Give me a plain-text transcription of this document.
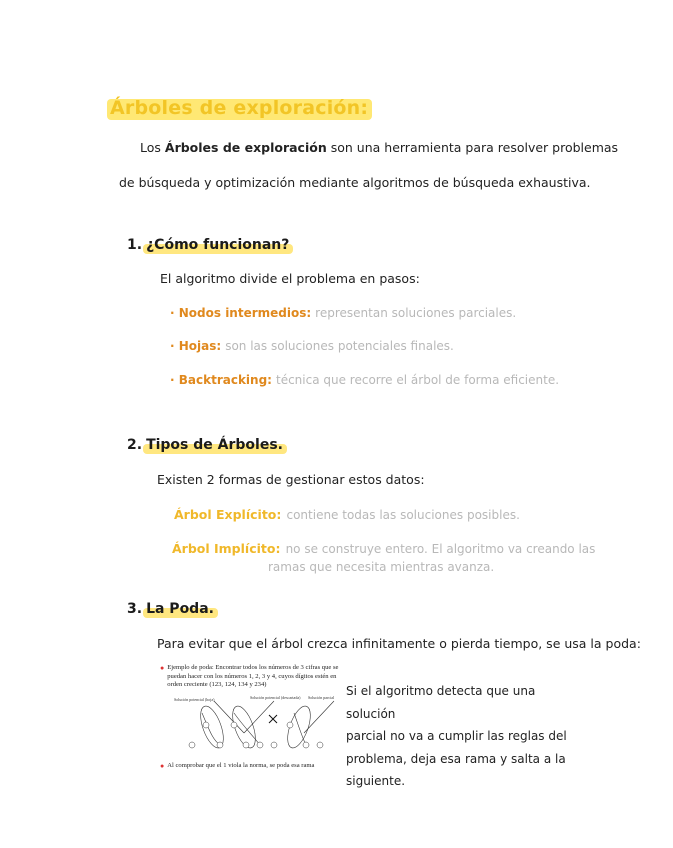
Árboles de exploración:
Los Árboles de exploración son una herramienta para resolver problemas
de búsqueda y optimización mediante algoritmos de búsqueda exhaustiva.
1. ¿Cómo funcionan?
El algoritmo divide el problema en pasos:
· Nodos intermedios: representan soluciones parciales.
· Hojas: son las soluciones potenciales finales.
· Backtracking: técnica que recorre el árbol de forma eficiente.
2. Tipos de Árboles.
Existen 2 formas de gestionar estos datos:
Árbol Explícito: contiene todas las soluciones posibles.
Árbol Implícito: no se construye entero. El algoritmo va creando las
ramas que necesita mientras avanza.
3. La Poda.
Para evitar que el árbol crezca infinitamente o pierda tiempo, se usa la poda:
● Ejemplo de poda: Encontrar todos los números de 3 cifras que se puedan hacer con los números 1, 2, 3 y 4, cuyos dígitos estén en orden creciente (123, 124, 134 y 234)
Solución potencial (hoja)	Solución potencial (descartada) Solución parcial
● Al comprobar que el 1 viola la norma, se poda esa rama
Si el algoritmo detecta que una solución
parcial no va a cumplir las reglas del
problema, deja esa rama y salta a la
siguiente.
